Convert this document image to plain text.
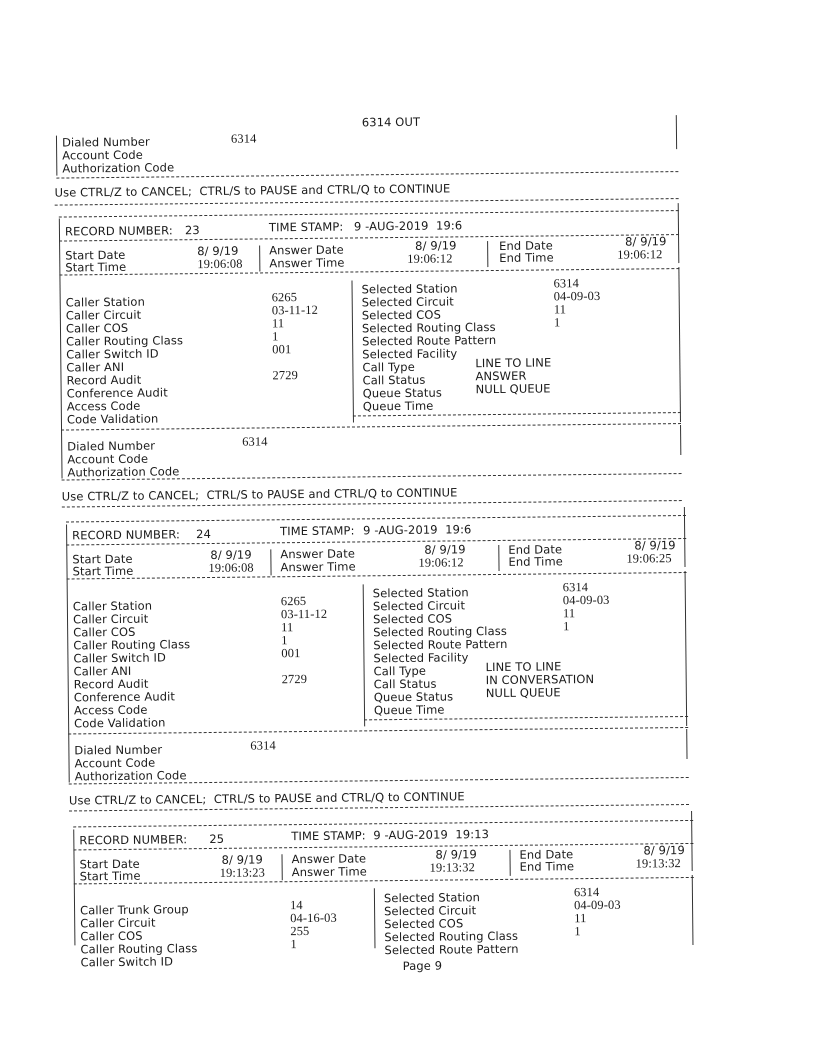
6314 OUT
Dialed Number	6314
Account Code
Authorization Code
Use CTRL/Z to CANCEL;  CTRL/S to PAUSE and CTRL/Q to CONTINUE
RECORD NUMBER: 23	TIME STAMP: 9 -AUG-2019  19:6
Start Date	8/ 9/19
Start Time	19:06:08
Answer Date	8/ 9/19
Answer Time	19:06:12
End Date	8/ 9/19
End Time	19:06:12
Caller Station	6265
Caller Circuit	03-11-12
Caller COS	11
Caller Routing Class	1
Caller Switch ID	001
Caller ANI
Record Audit	2729
Conference Audit
Access Code
Code Validation
Selected Station	6314
Selected Circuit	04-09-03
Selected COS	11
Selected Routing Class	1
Selected Route Pattern
Selected Facility
Call Type	LINE TO LINE
Call Status	ANSWER
Queue Status	NULL QUEUE
Queue Time
Dialed Number	6314
Account Code
Authorization Code
Use CTRL/Z to CANCEL;  CTRL/S to PAUSE and CTRL/Q to CONTINUE
RECORD NUMBER: 24	TIME STAMP: 9 -AUG-2019  19:6
Start Date	8/ 9/19
Start Time	19:06:08
Answer Date	8/ 9/19
Answer Time	19:06:12
End Date	8/ 9/19
End Time	19:06:25
Caller Station	6265
Caller Circuit	03-11-12
Caller COS	11
Caller Routing Class	1
Caller Switch ID	001
Caller ANI
Record Audit	2729
Conference Audit
Access Code
Code Validation
Selected Station	6314
Selected Circuit	04-09-03
Selected COS	11
Selected Routing Class	1
Selected Route Pattern
Selected Facility
Call Type	LINE TO LINE
Call Status	IN CONVERSATION
Queue Status	NULL QUEUE
Queue Time
Dialed Number	6314
Account Code
Authorization Code
Use CTRL/Z to CANCEL;  CTRL/S to PAUSE and CTRL/Q to CONTINUE
RECORD NUMBER: 25	TIME STAMP: 9 -AUG-2019  19:13
Start Date	8/ 9/19
Start Time	19:13:23
Answer Date	8/ 9/19
Answer Time	19:13:32
End Date	8/ 9/19
End Time	19:13:32
Caller Trunk Group	14
Caller Circuit	04-16-03
Caller COS	255
Caller Routing Class	1
Caller Switch ID
Selected Station	6314
Selected Circuit	04-09-03
Selected COS	11
Selected Routing Class	1
Selected Route Pattern
Page 9
